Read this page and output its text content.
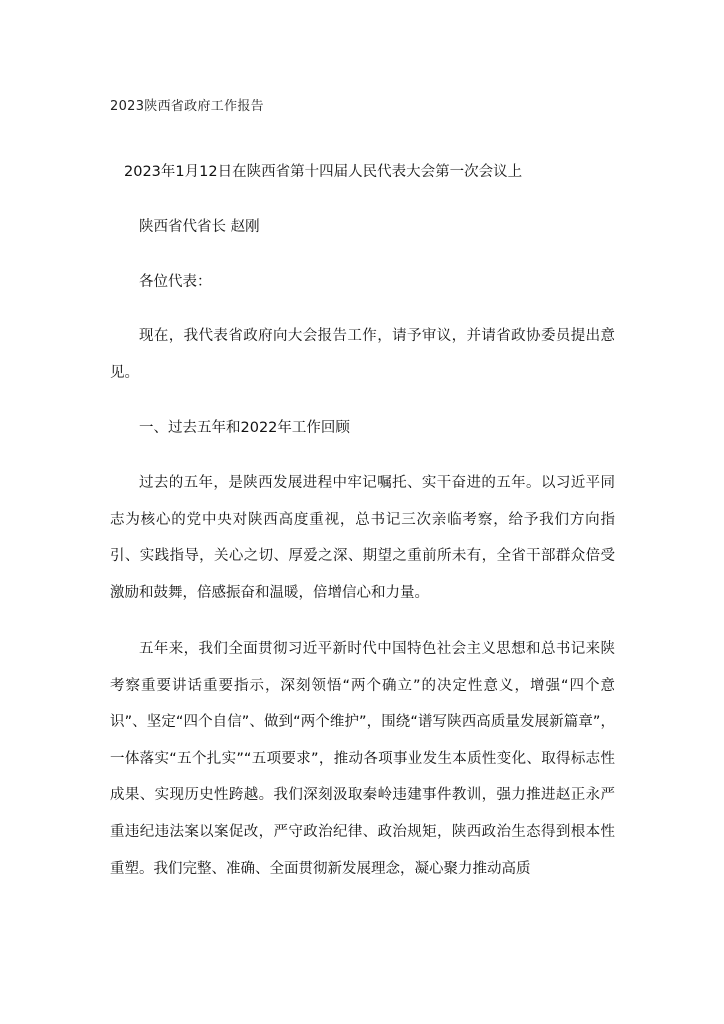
2023陕西省政府工作报告
2023年1月12日在陕西省第十四届人民代表大会第一次会议上
陕西省代省长 赵刚
各位代表：

现在，我代表省政府向大会报告工作，请予审议，并请省政协委员提出意见。

一、过去五年和2022年工作回顾

过去的五年，是陕西发展进程中牢记嘱托、实干奋进的五年。以习近平同志为核心的党中央对陕西高度重视，总书记三次亲临考察，给予我们方向指引、实践指导，关心之切、厚爱之深、期望之重前所未有，全省干部群众倍受激励和鼓舞，倍感振奋和温暖，倍增信心和力量。

五年来，我们全面贯彻习近平新时代中国特色社会主义思想和总书记来陕考察重要讲话重要指示，深刻领悟“两个确立”的决定性意义，增强“四个意识”、坚定“四个自信”、做到“两个维护”，围绕“谱写陕西高质量发展新篇章”，一体落实“五个扎实”“五项要求”，推动各项事业发生本质性变化、取得标志性成果、实现历史性跨越。我们深刻汲取秦岭违建事件教训，强力推进赵正永严重违纪违法案以案促改，严守政治纪律、政治规矩，陕西政治生态得到根本性重塑。我们完整、准确、全面贯彻新发展理念，凝心聚力推动高质
